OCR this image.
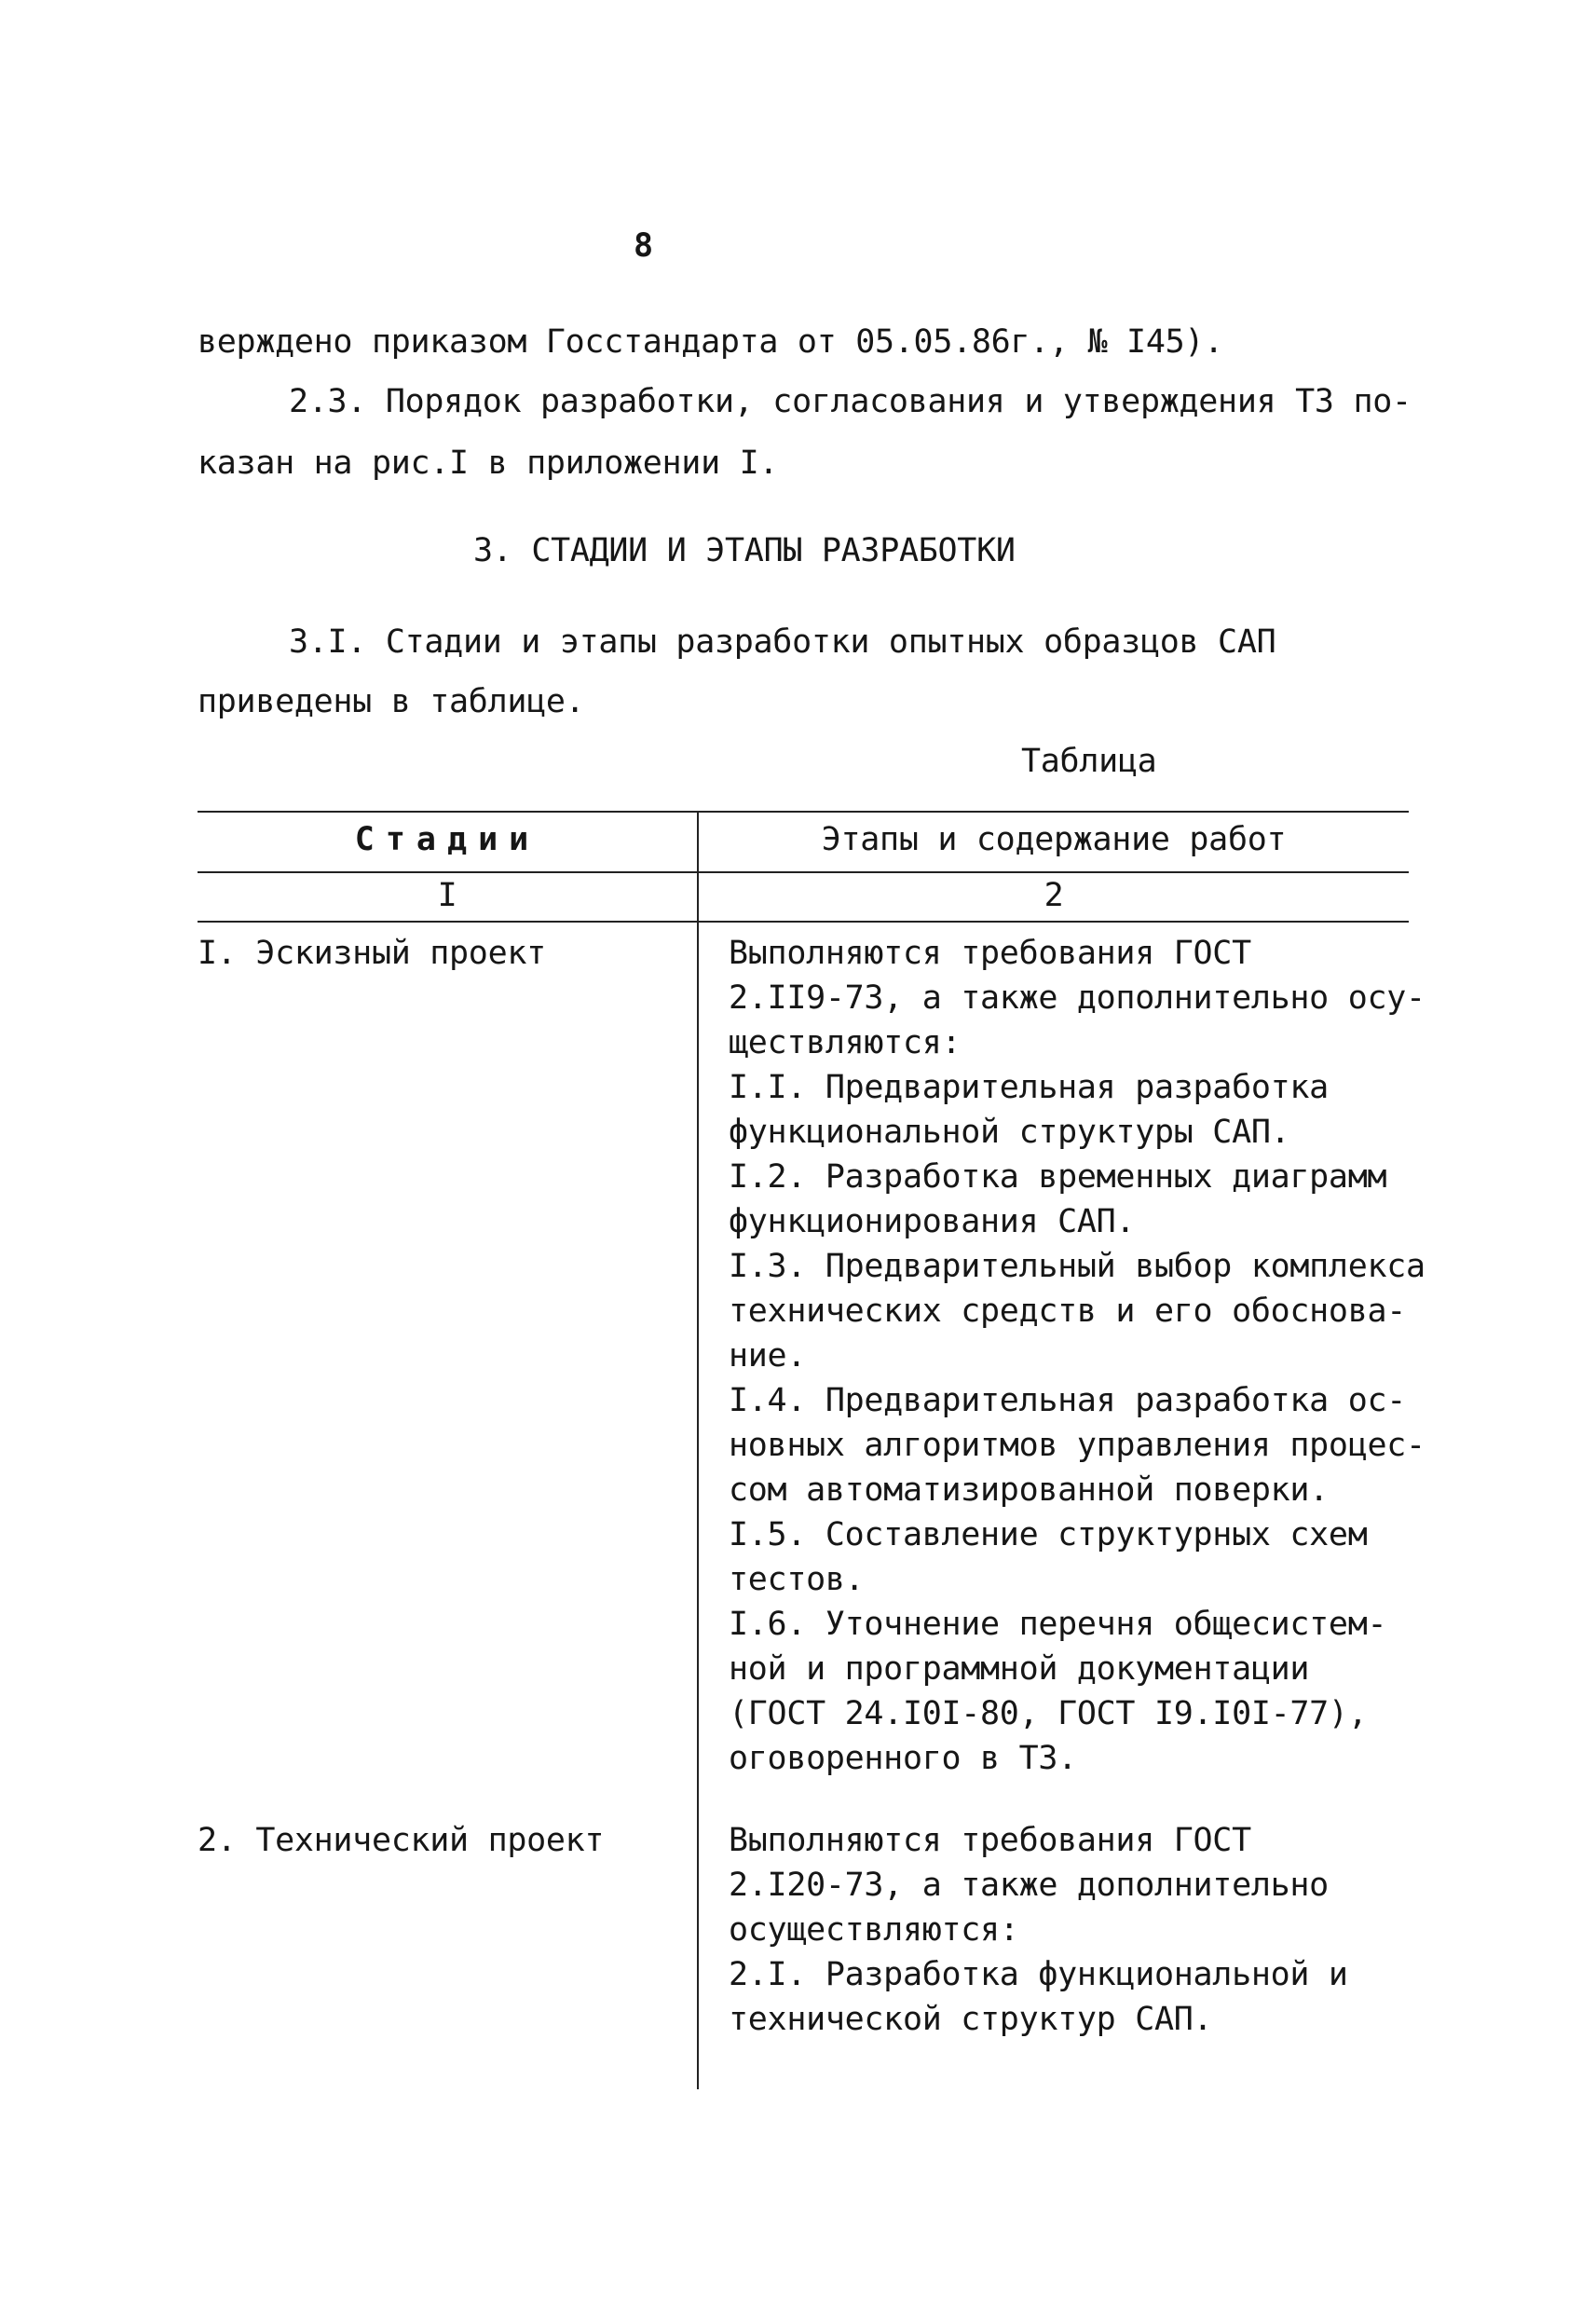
8
верждено приказом Госстандарта от 05.05.86г., № I45).
2.3. Порядок разработки, согласования и утверждения ТЗ по-
казан на рис.I в приложении I.
3. СТАДИИ И ЭТАПЫ РАЗРАБОТКИ
3.I. Стадии и этапы разработки опытных образцов САП
приведены в таблице.
Таблица
Стадии	Этапы и содержание работ
I	2
I. Эскизный проект	Выполняются требования ГОСТ
2.II9-73, а также дополнительно осу-
ществляются:
I.I. Предварительная разработка
функциональной структуры САП.
I.2. Разработка временных диаграмм
функционирования САП.
I.3. Предварительный выбор комплекса
технических средств и его обоснова-
ние.
I.4. Предварительная разработка ос-
новных алгоритмов управления процес-
сом автоматизированной поверки.
I.5. Составление структурных схем
тестов.
I.6. Уточнение перечня общесистем-
ной и программной документации
(ГОСТ 24.I0I-80, ГОСТ I9.I0I-77),
оговоренного в ТЗ.
2. Технический проект	Выполняются требования ГОСТ
2.I20-73, а также дополнительно
осуществляются:
2.I. Разработка функциональной и
технической структур САП.
